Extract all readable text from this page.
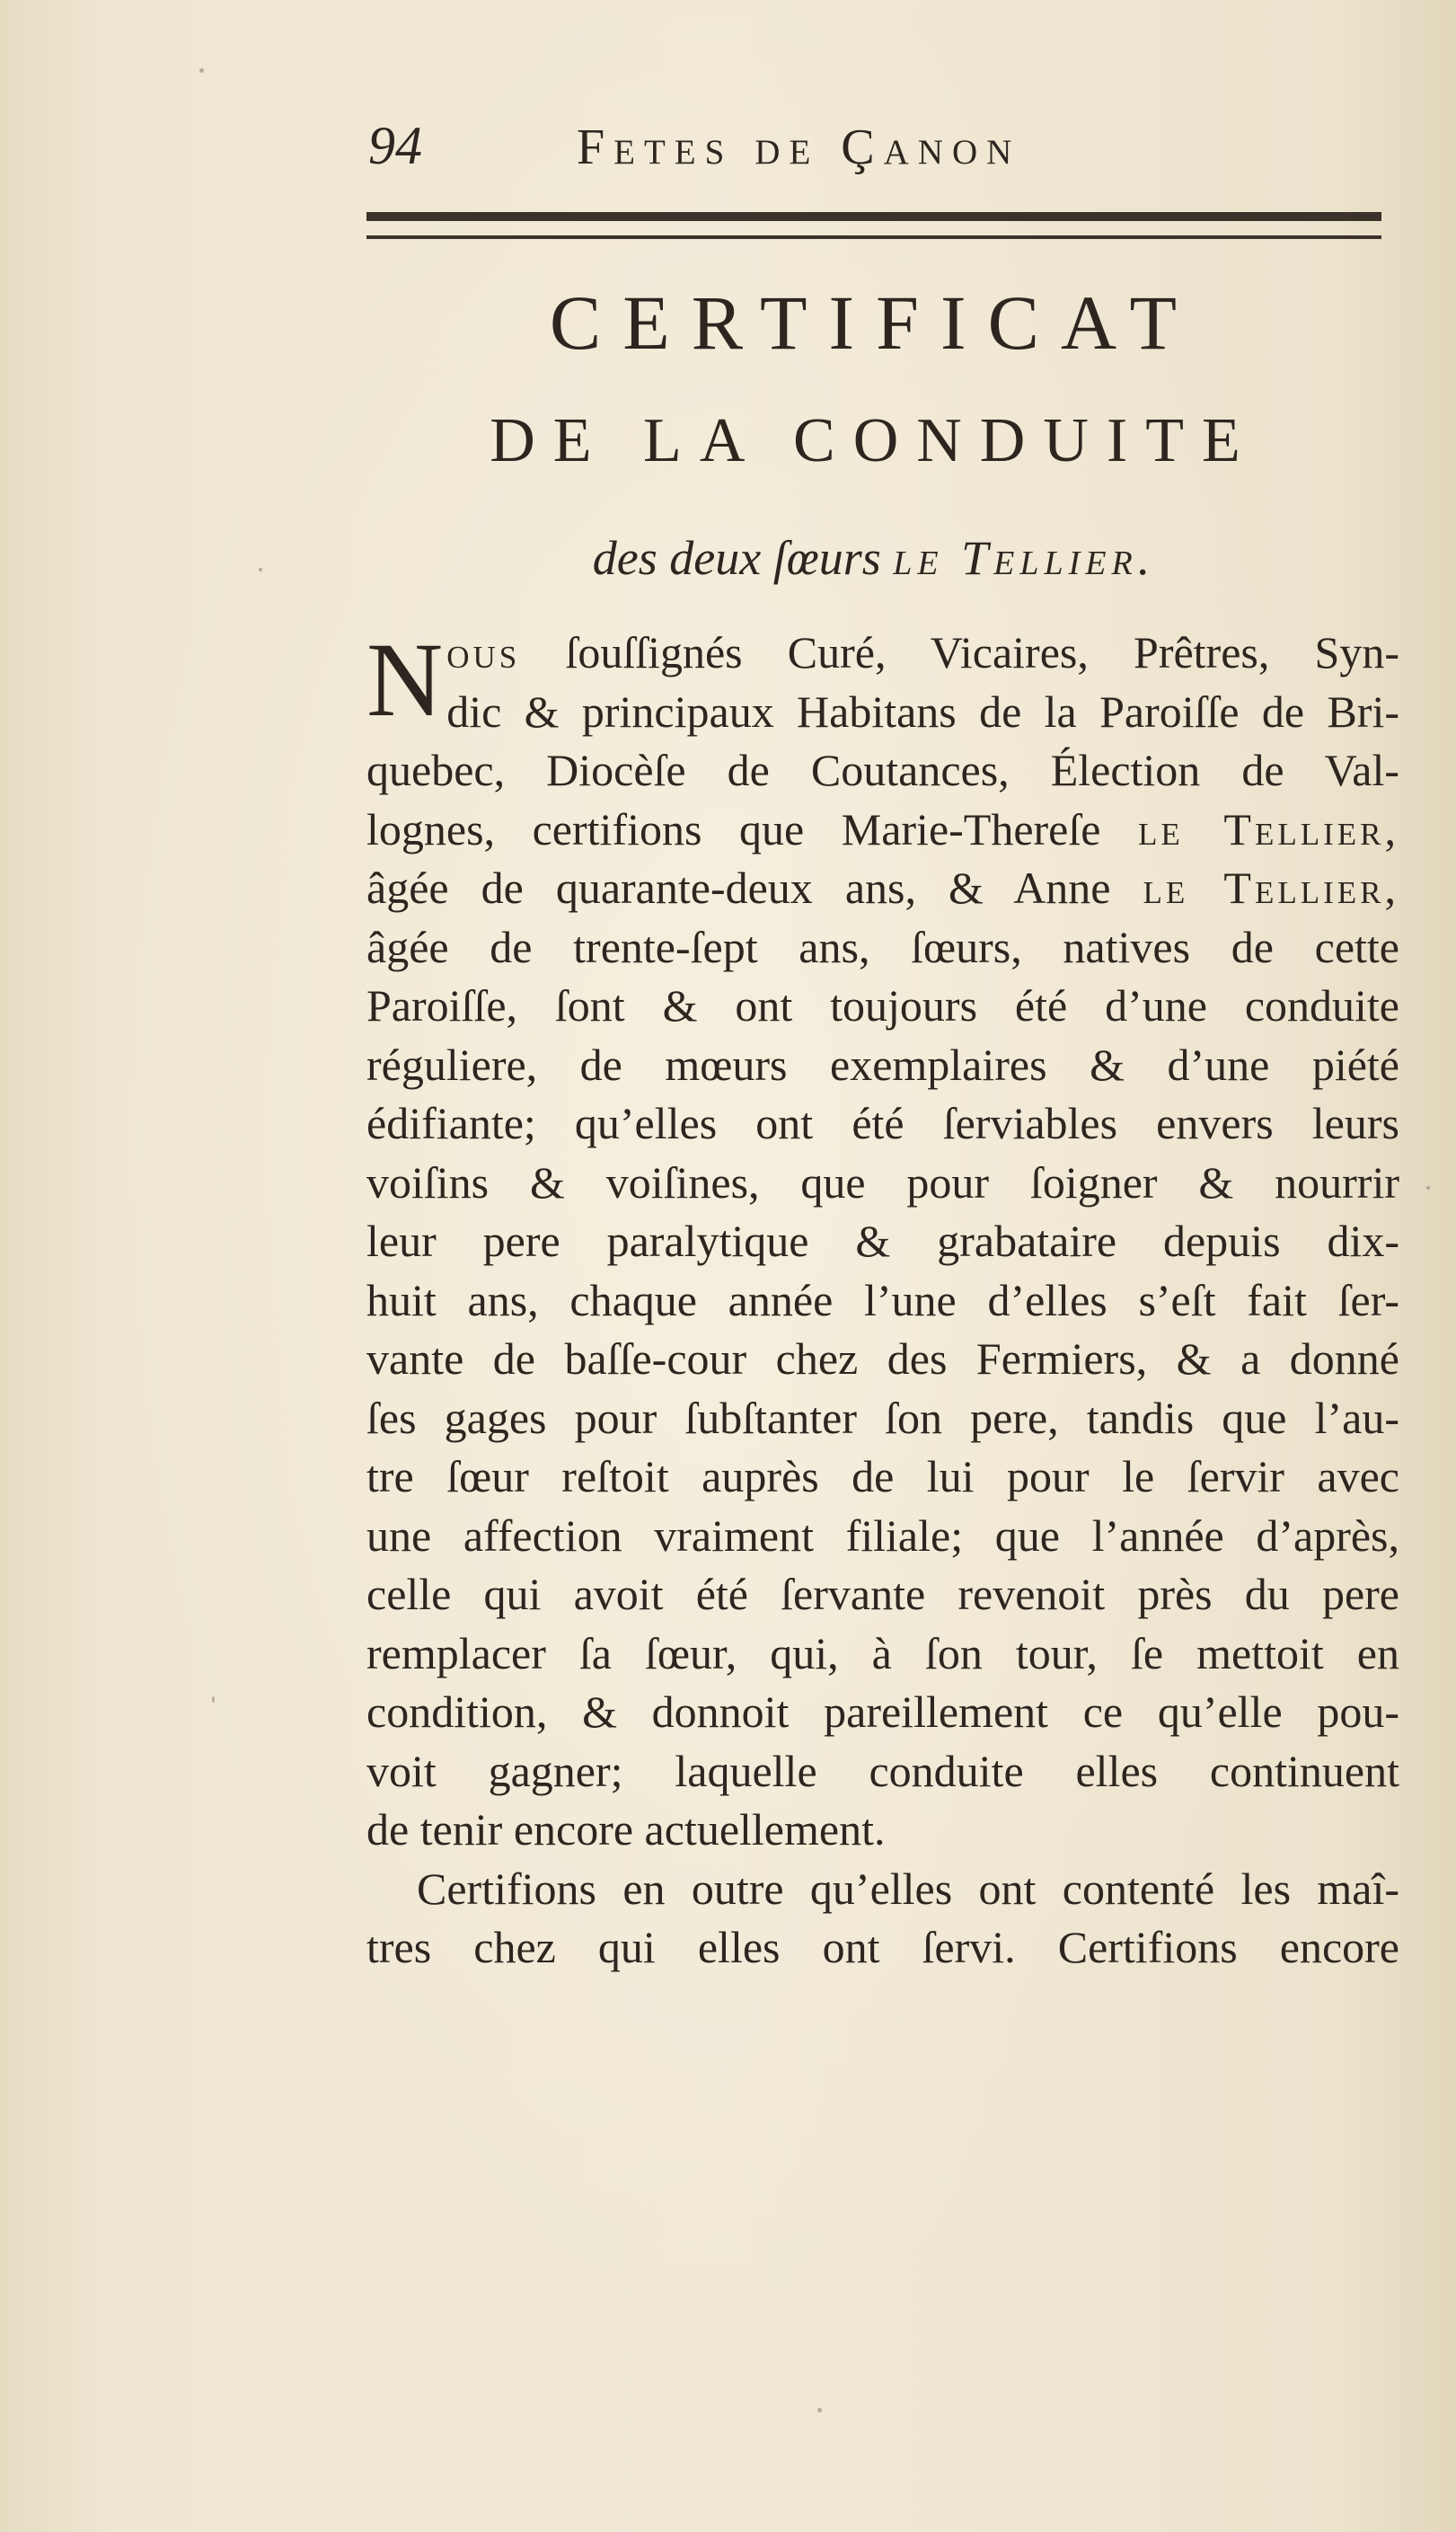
94	Fetes de Çanon
CERTIFICAT
DE LA CONDUITE
des deux ſœurs le Tellier.
N ous ſouſſignés Curé, Vicaires, Prêtres, Syn-
dic & principaux Habitans de la Paroiſſe de Bri-
quebec, Diocèſe de Coutances, Élection de Val-
lognes, certifions que Marie-Thereſe le Tellier,
âgée de quarante-deux ans, & Anne le Tellier,
âgée de trente-ſept ans, ſœurs, natives de cette
Paroiſſe, ſont & ont toujours été d’une conduite
réguliere, de mœurs exemplaires & d’une piété
édifiante; qu’elles ont été ſerviables envers leurs
voiſins & voiſines, que pour ſoigner & nourrir
leur pere paralytique & grabataire depuis dix-
huit ans, chaque année l’une d’elles s’eſt fait ſer-
vante de baſſe-cour chez des Fermiers, & a donné
ſes gages pour ſubſtanter ſon pere, tandis que l’au-
tre ſœur reſtoit auprès de lui pour le ſervir avec
une affection vraiment filiale; que l’année d’après,
celle qui avoit été ſervante revenoit près du pere
remplacer ſa ſœur, qui, à ſon tour, ſe mettoit en
condition, & donnoit pareillement ce qu’elle pou-
voit gagner; laquelle conduite elles continuent
de tenir encore actuellement.
Certifions en outre qu’elles ont contenté les maî-
tres chez qui elles ont ſervi. Certifions encore
